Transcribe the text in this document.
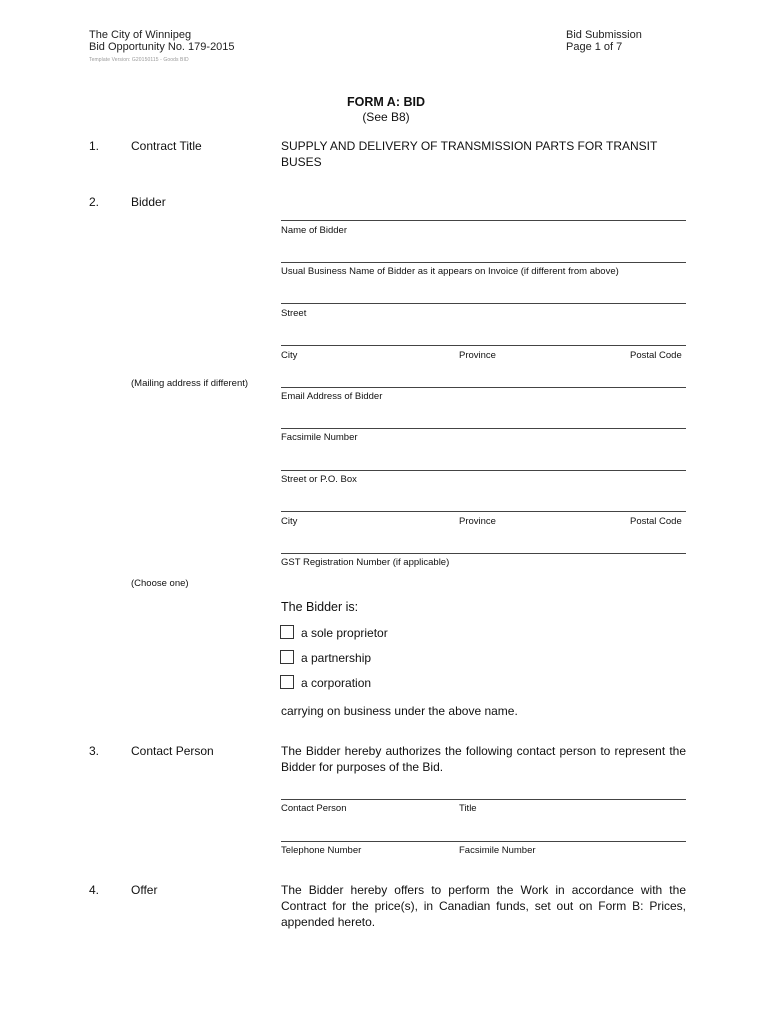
The City of Winnipeg
Bid Opportunity No. 179-2015
Template Version: G20150115 - Goods BID
Bid Submission
Page 1 of 7
FORM A: BID
(See B8)
1.	Contract Title	SUPPLY AND DELIVERY OF TRANSMISSION PARTS FOR TRANSIT BUSES
2.	Bidder
Name of Bidder
Usual Business Name of Bidder as it appears on Invoice (if different from above)
Street
City	Province	Postal Code
(Mailing address if different)
Email Address of Bidder
Facsimile Number
Street or P.O. Box
City	Province	Postal Code
GST Registration Number (if applicable)
(Choose one)
The Bidder is:
a sole proprietor
a partnership
a corporation
carrying on business under the above name.
3.	Contact Person	The Bidder hereby authorizes the following contact person to represent the Bidder for purposes of the Bid.
Contact Person	Title
Telephone Number	Facsimile Number
4.	Offer	The Bidder hereby offers to perform the Work in accordance with the Contract for the price(s), in Canadian funds, set out on Form B: Prices, appended hereto.
